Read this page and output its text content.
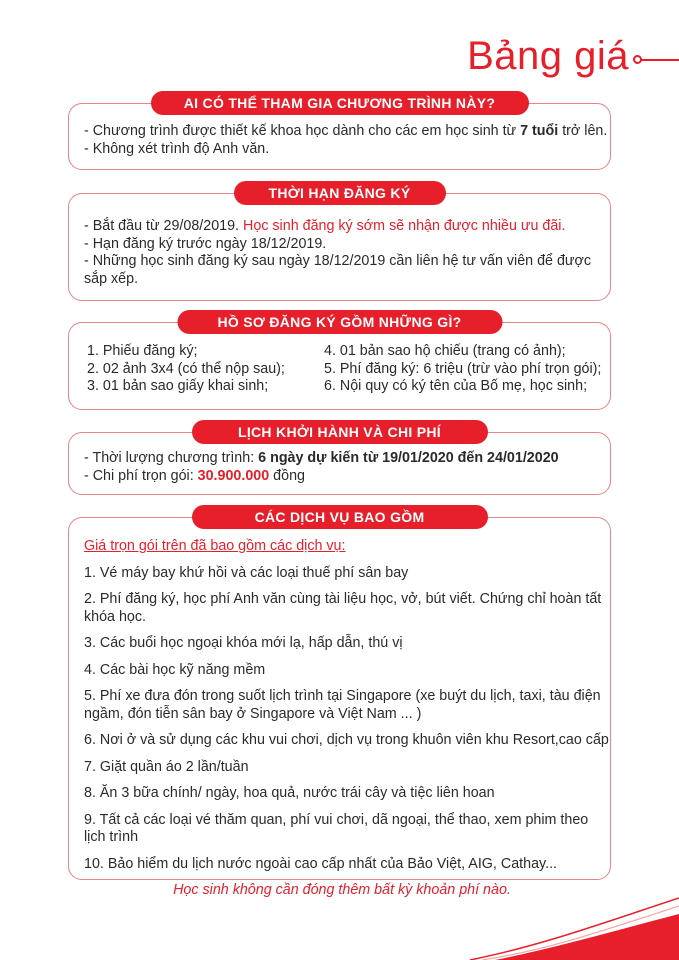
Bảng giá
AI CÓ THỂ THAM GIA CHƯƠNG TRÌNH NÀY?
- Chương trình được thiết kế khoa học dành cho các em học sinh từ 7 tuổi trở lên.
- Không xét trình độ Anh văn.
THỜI HẠN ĐĂNG KÝ
- Bắt đầu từ 29/08/2019. Học sinh đăng ký sớm sẽ nhận được nhiều ưu đãi.
- Hạn đăng ký trước ngày 18/12/2019.
- Những học sinh đăng ký sau ngày 18/12/2019 cần liên hệ tư vấn viên để được
sắp xếp.
HỒ SƠ ĐĂNG KÝ GỒM NHỮNG GÌ?
1. Phiếu đăng ký;	4. 01 bản sao hộ chiếu (trang có ảnh);
2. 02 ảnh 3x4 (có thể nộp sau);	5. Phí đăng ký: 6 triệu (trừ vào phí trọn gói);
3. 01 bản sao giấy khai sinh;	6. Nội quy có ký tên của Bố mẹ, học sinh;
LỊCH KHỞI HÀNH VÀ CHI PHÍ
- Thời lượng chương trình: 6 ngày dự kiến từ 19/01/2020 đến 24/01/2020
- Chi phí trọn gói: 30.900.000 đồng
CÁC DỊCH VỤ BAO GỒM

Giá trọn gói trên đã bao gồm các dịch vụ:

1. Vé máy bay khứ hồi và các loại thuế phí sân bay

2. Phí đăng ký, học phí Anh văn cùng tài liệu học, vở, bút viết. Chứng chỉ hoàn tất
khóa học.

3. Các buổi học ngoại khóa mới lạ, hấp dẫn, thú vị

4. Các bài học kỹ năng mềm

5. Phí xe đưa đón trong suốt lịch trình tại Singapore (xe buýt du lịch, taxi, tàu điện
ngầm, đón tiễn sân bay ở Singapore và Việt Nam ... )

6. Nơi ở và sử dụng các khu vui chơi, dịch vụ trong khuôn viên khu Resort,cao cấp

7. Giặt quần áo 2 lần/tuần

8. Ăn 3 bữa chính/ ngày, hoa quả, nước trái cây và tiệc liên hoan

9. Tất cả các loại vé thăm quan, phí vui chơi, dã ngoại, thể thao, xem phim theo
lịch trình

10. Bảo hiểm du lịch nước ngoài cao cấp nhất của Bảo Việt, AIG, Cathay...

Học sinh không cần đóng thêm bất kỳ khoản phí nào.
